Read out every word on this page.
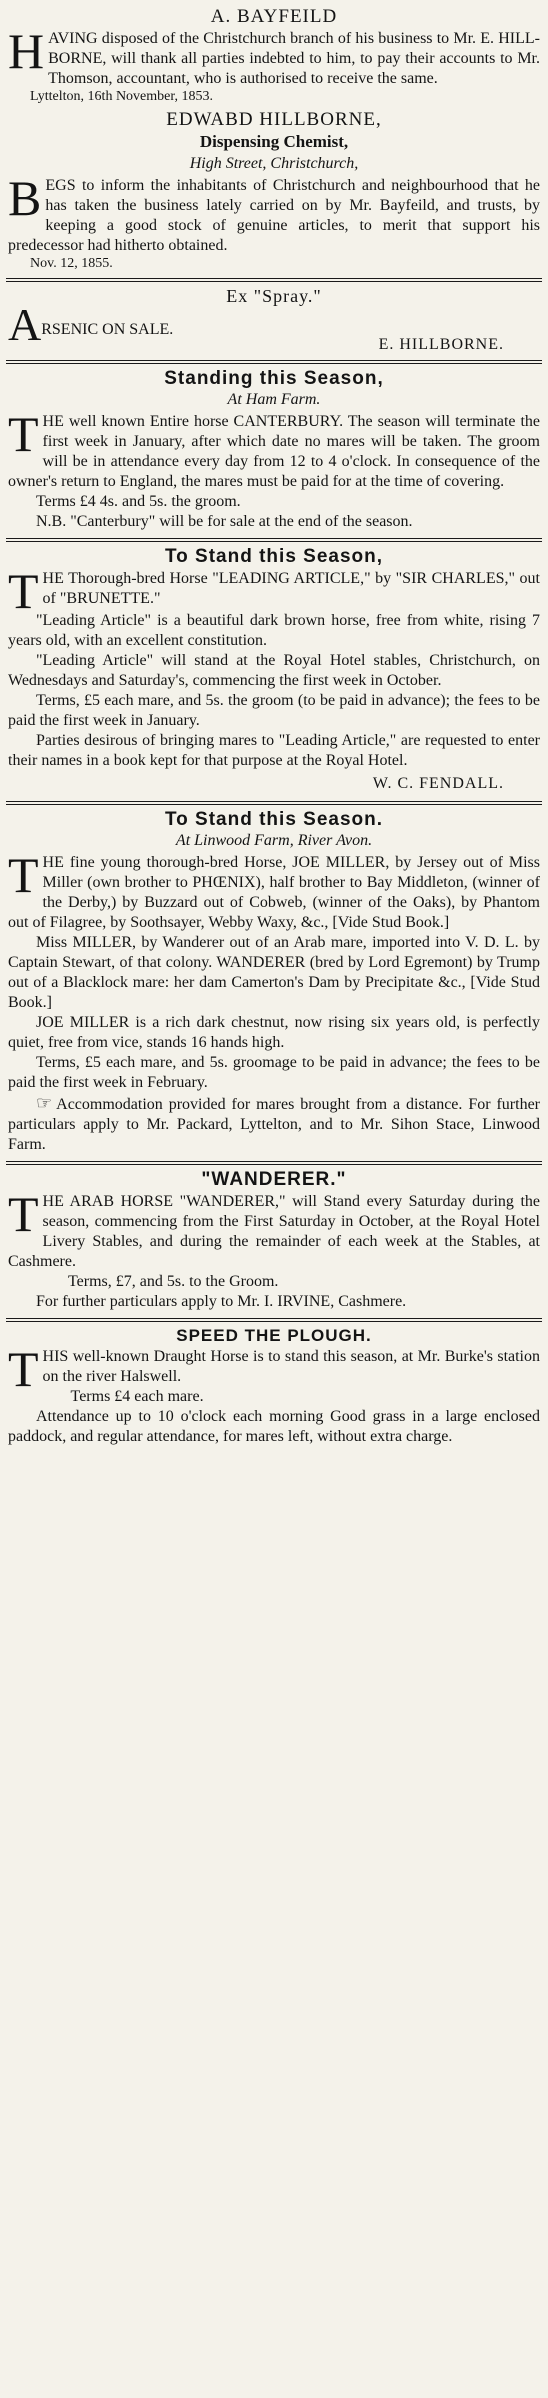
A. BAYFEILD

HAVING disposed of the Christchurch branch of his business to Mr. E. HILL-BORNE, will thank all parties indebted to him, to pay their accounts to Mr. Thomson, accountant, who is authorised to receive the same.

Lyttelton, 16th November, 1853.
EDWABD HILLBORNE,
Dispensing Chemist,
High Street, Christchurch,

BEGS to inform the inhabitants of Christchurch and neighbourhood that he has taken the business lately carried on by Mr. Bayfeild, and trusts, by keeping a good stock of genuine articles, to merit that support his predecessor had hitherto obtained.

Nov. 12, 1855.
Ex "Spray."

ARSENIC ON SALE.

E. HILLBORNE.
Standing this Season,
At Ham Farm.

THE well known Entire horse CANTERBURY. The season will terminate the first week in January, after which date no mares will be taken. The groom will be in attendance every day from 12 to 4 o'clock. In consequence of the owner's return to England, the mares must be paid for at the time of covering.

Terms £4 4s. and 5s. the groom.

N.B. "Canterbury" will be for sale at the end of the season.

To Stand this Season,

THE Thorough-bred Horse "LEADING ARTICLE," by "SIR CHARLES," out of "BRUNETTE."

"Leading Article" is a beautiful dark brown horse, free from white, rising 7 years old, with an excellent constitution.

"Leading Article" will stand at the Royal Hotel stables, Christchurch, on Wednesdays and Saturday's, commencing the first week in October.

Terms, £5 each mare, and 5s. the groom (to be paid in advance); the fees to be paid the first week in January.

Parties desirous of bringing mares to "Leading Article," are requested to enter their names in a book kept for that purpose at the Royal Hotel.

W. C. FENDALL.
To Stand this Season.
At Linwood Farm, River Avon.

THE fine young thorough-bred Horse, JOE MILLER, by Jersey out of Miss Miller (own brother to PHŒNIX), half brother to Bay Middleton, (winner of the Derby,) by Buzzard out of Cobweb, (winner of the Oaks), by Phantom out of Filagree, by Soothsayer, Webby Waxy, &c., [Vide Stud Book.]

Miss MILLER, by Wanderer out of an Arab mare, imported into V. D. L. by Captain Stewart, of that colony. WANDERER (bred by Lord Egremont) by Trump out of a Blacklock mare: her dam Camerton's Dam by Precipitate &c., [Vide Stud Book.]

JOE MILLER is a rich dark chestnut, now rising six years old, is perfectly quiet, free from vice, stands 16 hands high.

Terms, £5 each mare, and 5s. groomage to be paid in advance; the fees to be paid the first week in February.

☞ Accommodation provided for mares brought from a distance. For further particulars apply to Mr. Packard, Lyttelton, and to Mr. Sihon Stace, Linwood Farm.

"WANDERER."

THE ARAB HORSE "WANDERER," will Stand every Saturday during the season, commencing from the First Saturday in October, at the Royal Hotel Livery Stables, and during the remainder of each week at the Stables, at Cashmere.

Terms, £7, and 5s. to the Groom.

For further particulars apply to Mr. I. IRVINE, Cashmere.

SPEED THE PLOUGH.

THIS well-known Draught Horse is to stand this season, at Mr. Burke's station on the river Halswell.

Terms £4 each mare.

Attendance up to 10 o'clock each morning Good grass in a large enclosed paddock, and regular attendance, for mares left, without extra charge.
